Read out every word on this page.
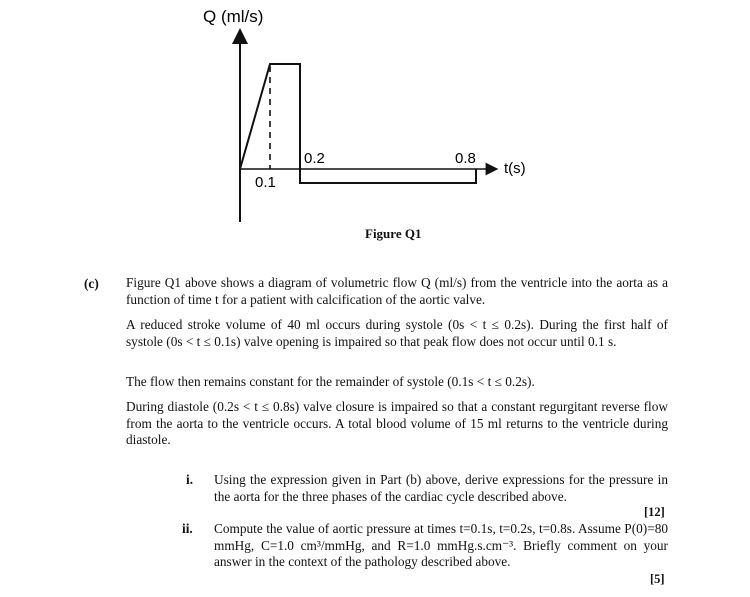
Q (ml/s)
t(s)
0.1
0.2	0.8
Figure Q1
(c) Figure Q1 above shows a diagram of volumetric flow Q (ml/s) from the ventricle into the aorta as a function of time t for a patient with calcification of the aortic valve.
A reduced stroke volume of 40 ml occurs during systole (0s < t ≤ 0.2s). During the first half of systole (0s < t ≤ 0.1s) valve opening is impaired so that peak flow does not occur until 0.1 s.
The flow then remains constant for the remainder of systole (0.1s < t ≤ 0.2s).
During diastole (0.2s < t ≤ 0.8s) valve closure is impaired so that a constant regurgitant reverse flow from the aorta to the ventricle occurs. A total blood volume of 15 ml returns to the ventricle during diastole.
i. Using the expression given in Part (b) above, derive expressions for the pressure in the aorta for the three phases of the cardiac cycle described above.
[12]
ii. Compute the value of aortic pressure at times t=0.1s, t=0.2s, t=0.8s. Assume P(0)=80 mmHg, C=1.0 cm³/mmHg, and R=1.0 mmHg.s.cm⁻³. Briefly comment on your answer in the context of the pathology described above.
[5]
